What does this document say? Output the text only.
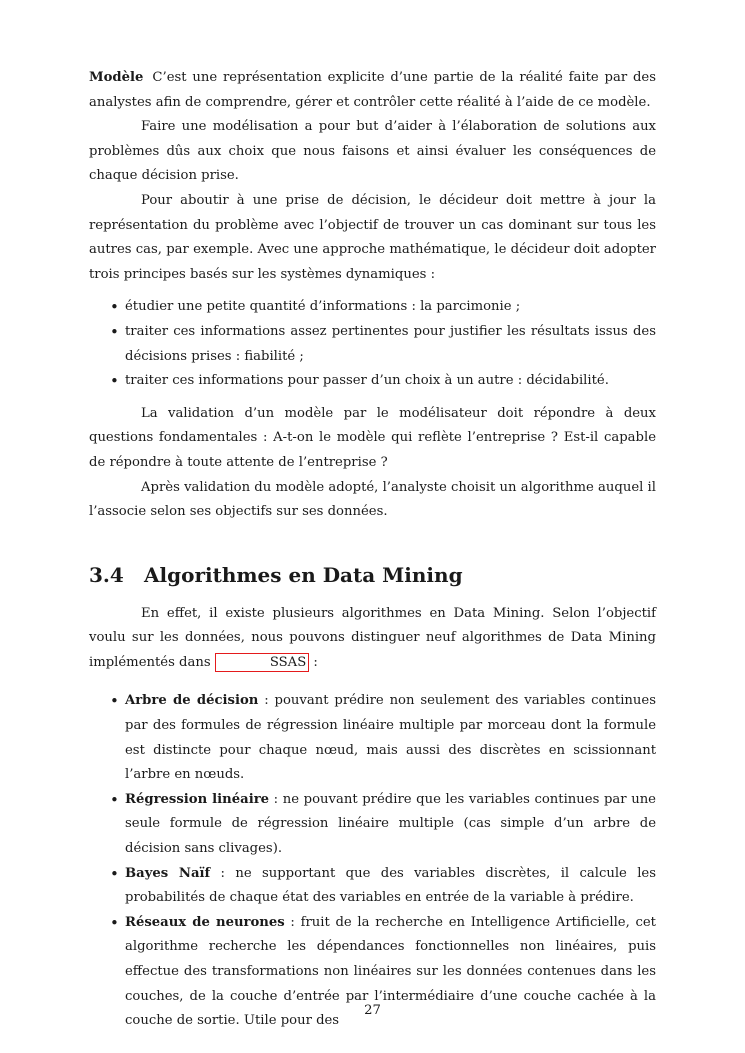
Modèle C’est une représentation explicite d’une partie de la réalité faite par des analystes afin de comprendre, gérer et contrôler cette réalité à l’aide de ce modèle.

Faire une modélisation a pour but d’aider à l’élaboration de solutions aux problèmes dûs aux choix que nous faisons et ainsi évaluer les conséquences de chaque décision prise.

Pour aboutir à une prise de décision, le décideur doit mettre à jour la représentation du problème avec l’objectif de trouver un cas dominant sur tous les autres cas, par exemple. Avec une approche mathématique, le décideur doit adopter trois principes basés sur les systèmes dynamiques :

• étudier une petite quantité d’informations : la parcimonie ;
• traiter ces informations assez pertinentes pour justifier les résultats issus des décisions prises : fiabilité ;
• traiter ces informations pour passer d’un choix à un autre : décidabilité.

La validation d’un modèle par le modélisateur doit répondre à deux questions fondamentales : A-t-on le modèle qui reflète l’entreprise ? Est-il capable de répondre à toute attente de l’entreprise ?

Après validation du modèle adopté, l’analyste choisit un algorithme auquel il l’associe selon ses objectifs sur ses données.

3.4 Algorithmes en Data Mining

En effet, il existe plusieurs algorithmes en Data Mining. Selon l’objectif voulu sur les données, nous pouvons distinguer neuf algorithmes de Data Mining implémentés dans	SSAS :

• Arbre de décision : pouvant prédire non seulement des variables continues par des formules de régression linéaire multiple par morceau dont la formule est distincte pour chaque nœud, mais aussi des discrètes en scissionnant l’arbre en nœuds.
• Régression linéaire : ne pouvant prédire que les variables continues par une seule formule de régression linéaire multiple (cas simple d’un arbre de décision sans clivages).
• Bayes Naïf : ne supportant que des variables discrètes, il calcule les probabilités de chaque état des variables en entrée de la variable à prédire.
• Réseaux de neurones : fruit de la recherche en Intelligence Artificielle, cet algorithme recherche les dépendances fonctionnelles non linéaires, puis effectue des transformations non linéaires sur les données contenues dans les couches, de la couche d’entrée par l’intermédiaire d’une couche cachée à la couche de sortie. Utile pour des
27
